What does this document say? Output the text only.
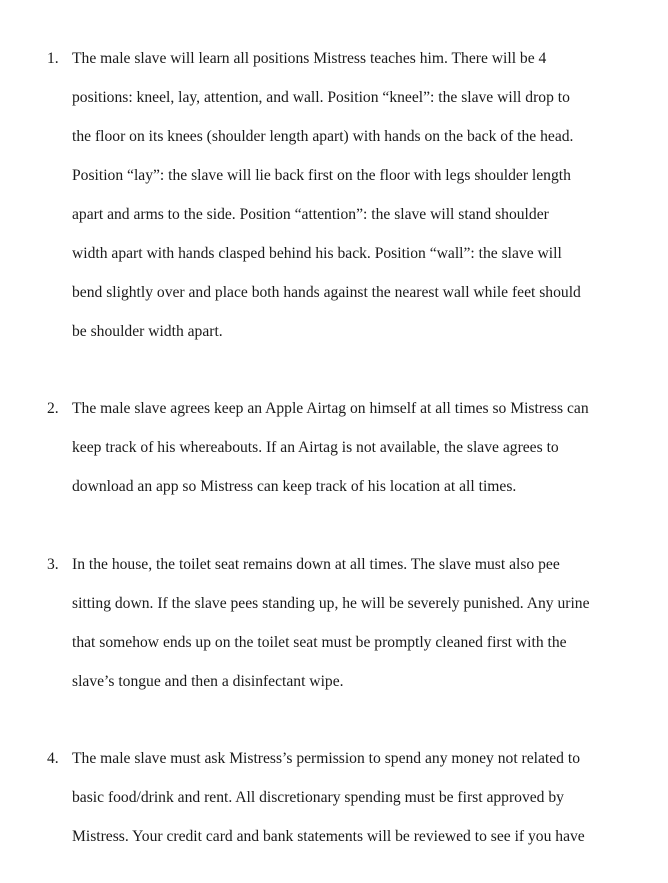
1. The male slave will learn all positions Mistress teaches him. There will be 4
positions: kneel, lay, attention, and wall. Position “kneel”: the slave will drop to
the floor on its knees (shoulder length apart) with hands on the back of the head.
Position “lay”: the slave will lie back first on the floor with legs shoulder length
apart and arms to the side. Position “attention”: the slave will stand shoulder
width apart with hands clasped behind his back. Position “wall”: the slave will
bend slightly over and place both hands against the nearest wall while feet should
be shoulder width apart.
2. The male slave agrees keep an Apple Airtag on himself at all times so Mistress can
keep track of his whereabouts. If an Airtag is not available, the slave agrees to
download an app so Mistress can keep track of his location at all times.
3. In the house, the toilet seat remains down at all times. The slave must also pee
sitting down. If the slave pees standing up, he will be severely punished. Any urine
that somehow ends up on the toilet seat must be promptly cleaned first with the
slave’s tongue and then a disinfectant wipe.
4. The male slave must ask Mistress’s permission to spend any money not related to
basic food/drink and rent. All discretionary spending must be first approved by
Mistress. Your credit card and bank statements will be reviewed to see if you have
